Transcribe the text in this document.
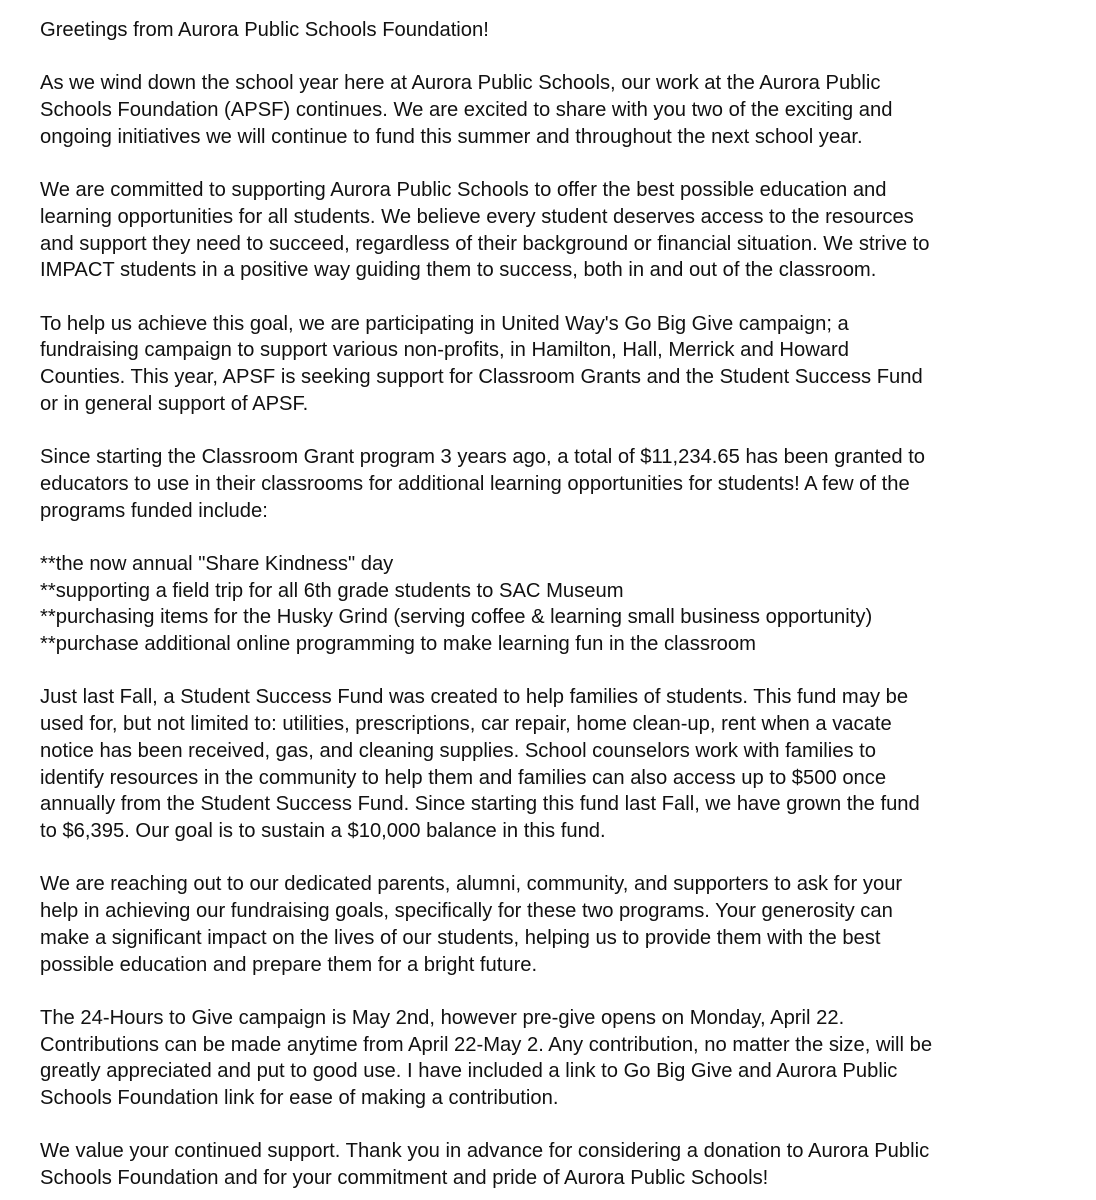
Greetings from Aurora Public Schools Foundation!

As we wind down the school year here at Aurora Public Schools, our work at the Aurora Public
Schools Foundation (APSF) continues. We are excited to share with you two of the exciting and
ongoing initiatives we will continue to fund this summer and throughout the next school year.

We are committed to supporting Aurora Public Schools to offer the best possible education and
learning opportunities for all students. We believe every student deserves access to the resources
and support they need to succeed, regardless of their background or financial situation. We strive to
IMPACT students in a positive way guiding them to success, both in and out of the classroom.

To help us achieve this goal, we are participating in United Way's Go Big Give campaign; a
fundraising campaign to support various non-profits, in Hamilton, Hall, Merrick and Howard
Counties. This year, APSF is seeking support for Classroom Grants and the Student Success Fund
or in general support of APSF.

Since starting the Classroom Grant program 3 years ago, a total of $11,234.65 has been granted to
educators to use in their classrooms for additional learning opportunities for students! A few of the
programs funded include:

**the now annual "Share Kindness" day
**supporting a field trip for all 6th grade students to SAC Museum
**purchasing items for the Husky Grind (serving coffee & learning small business opportunity)
**purchase additional online programming to make learning fun in the classroom

Just last Fall, a Student Success Fund was created to help families of students. This fund may be
used for, but not limited to: utilities, prescriptions, car repair, home clean-up, rent when a vacate
notice has been received, gas, and cleaning supplies. School counselors work with families to
identify resources in the community to help them and families can also access up to $500 once
annually from the Student Success Fund. Since starting this fund last Fall, we have grown the fund
to $6,395. Our goal is to sustain a $10,000 balance in this fund.

We are reaching out to our dedicated parents, alumni, community, and supporters to ask for your
help in achieving our fundraising goals, specifically for these two programs. Your generosity can
make a significant impact on the lives of our students, helping us to provide them with the best
possible education and prepare them for a bright future.

The 24-Hours to Give campaign is May 2nd, however pre-give opens on Monday, April 22.
Contributions can be made anytime from April 22-May 2. Any contribution, no matter the size, will be
greatly appreciated and put to good use. I have included a link to Go Big Give and Aurora Public
Schools Foundation link for ease of making a contribution.

We value your continued support. Thank you in advance for considering a donation to Aurora Public
Schools Foundation and for your commitment and pride of Aurora Public Schools!
